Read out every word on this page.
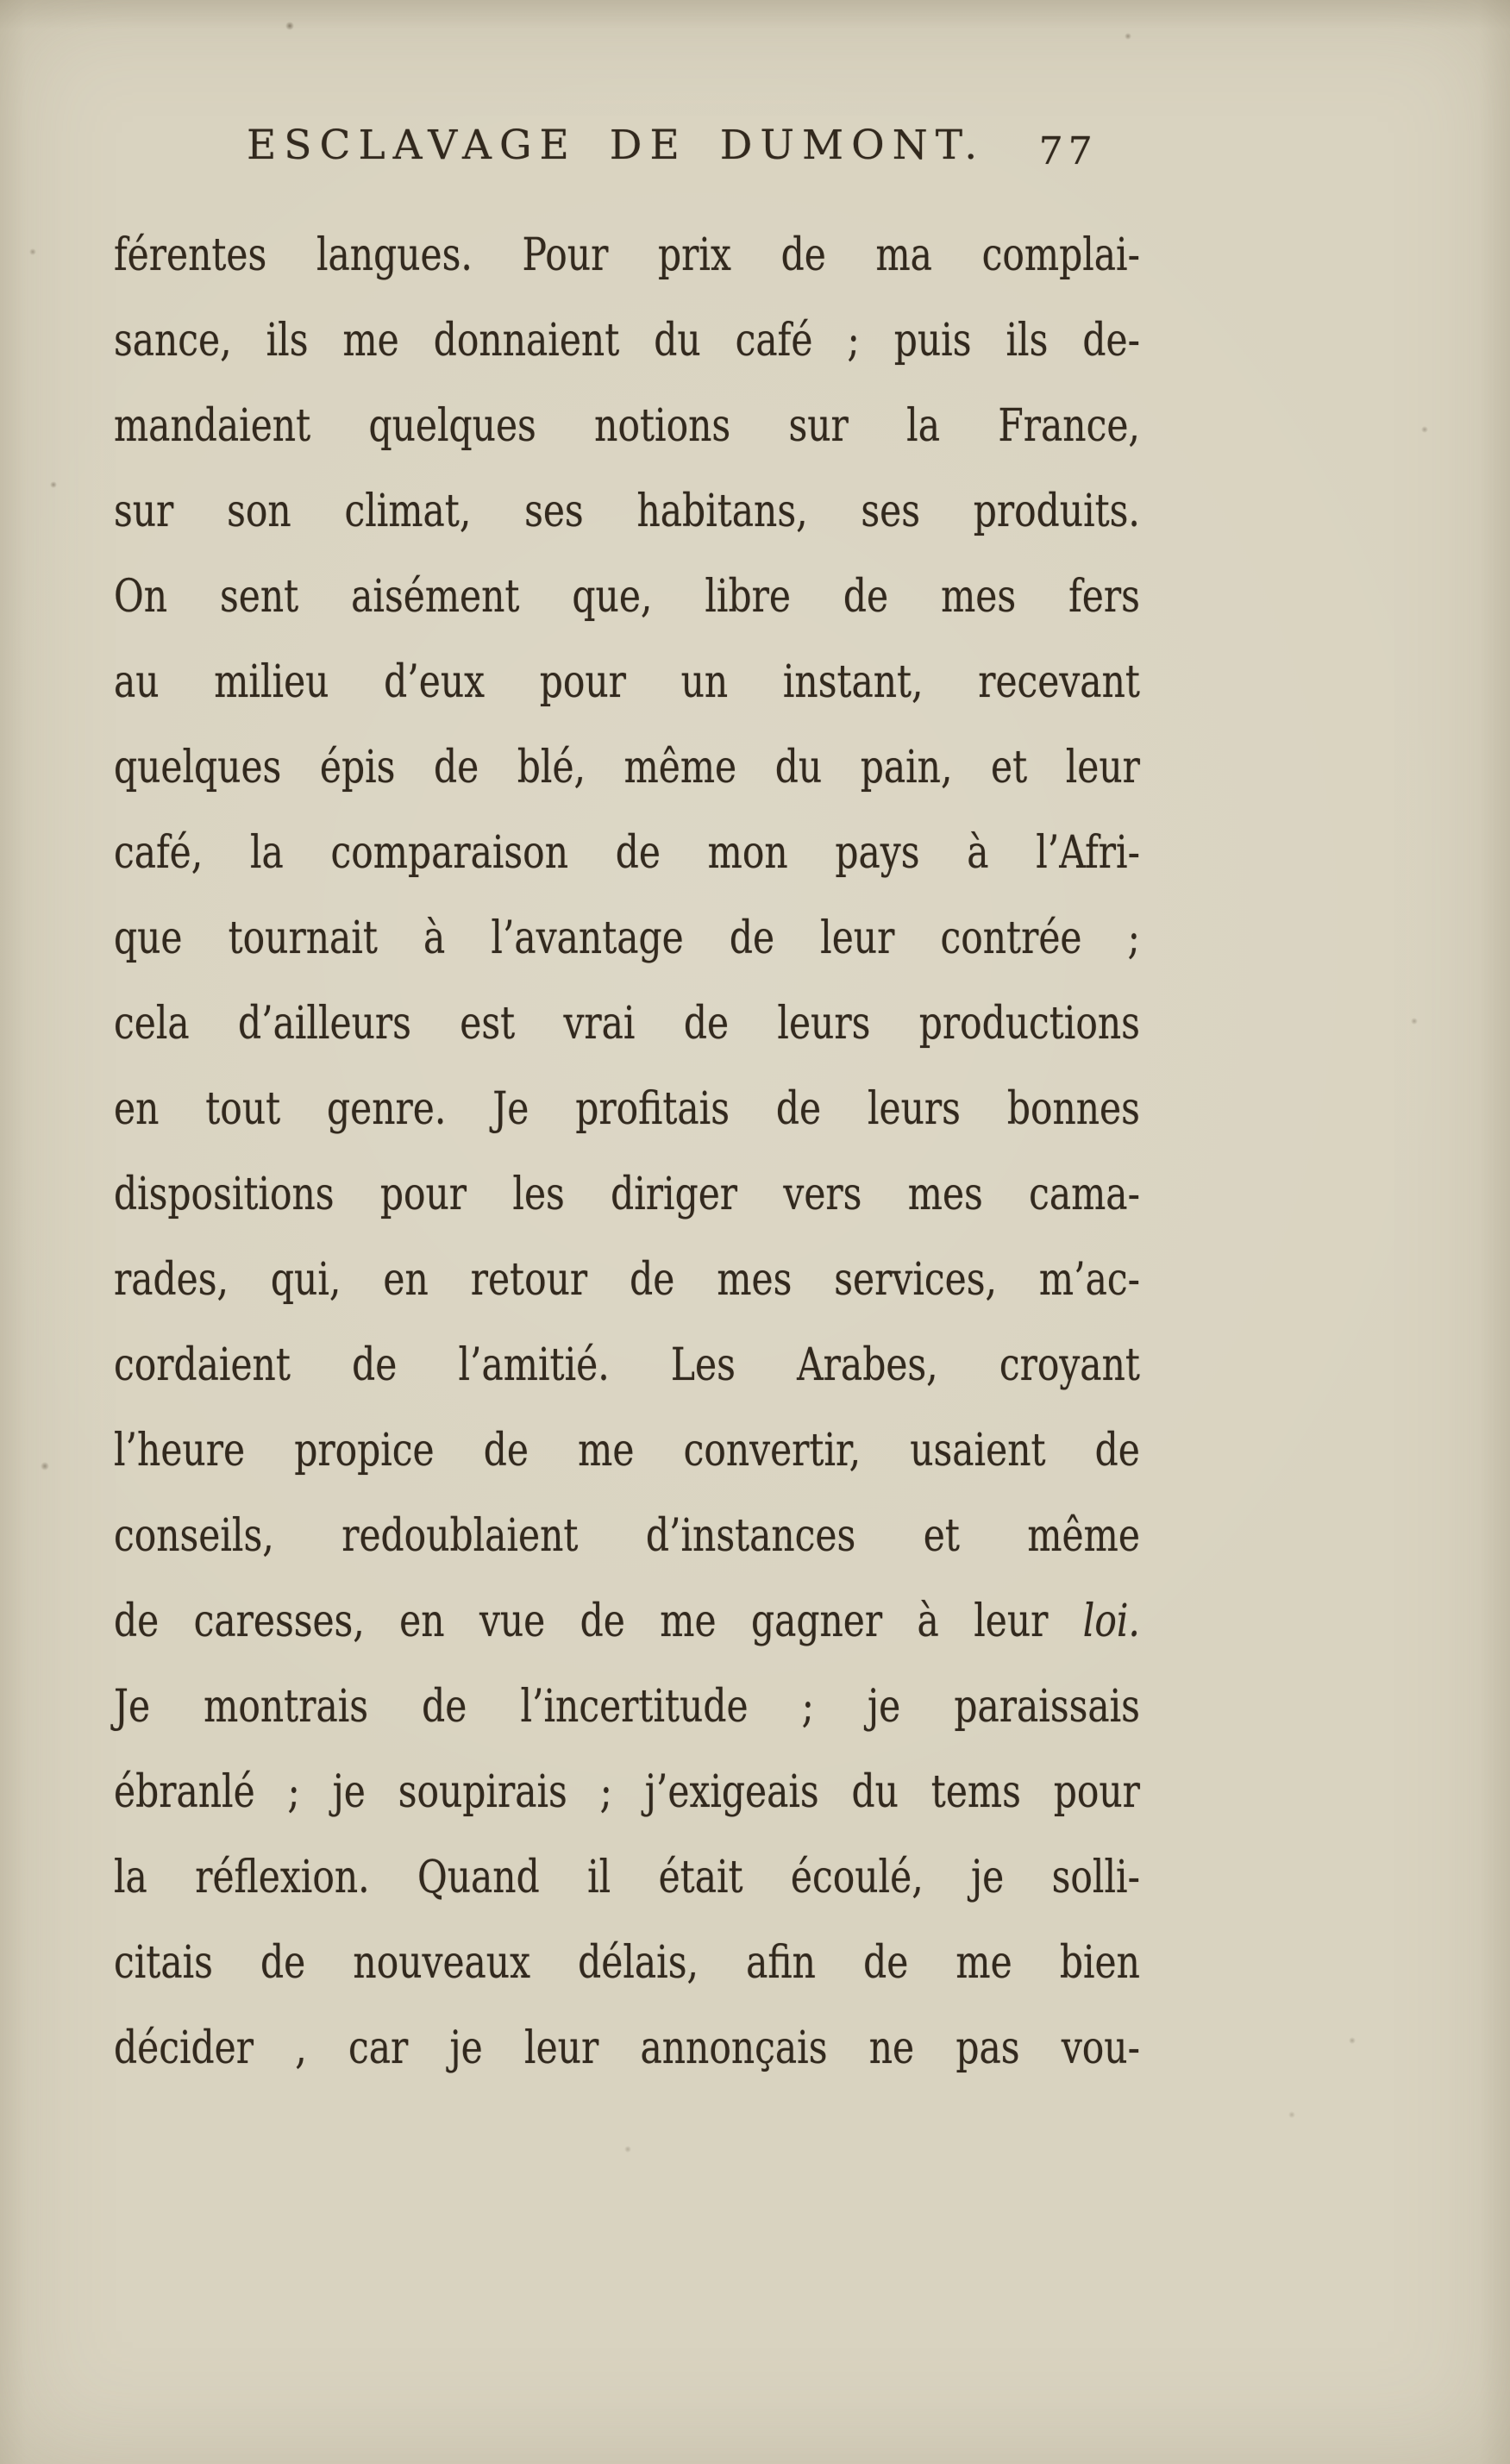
ESCLAVAGE DE DUMONT. 77
férentes langues. Pour prix de ma complai-
sance, ils me donnaient du café ; puis ils de-
mandaient quelques notions sur la France,
sur son climat, ses habitans, ses produits.
On sent aisément que, libre de mes fers
au milieu d’eux pour un instant, recevant
quelques épis de blé, même du pain, et leur
café, la comparaison de mon pays à l’Afri-
que tournait à l’avantage de leur contrée ;
cela d’ailleurs est vrai de leurs productions
en tout genre. Je profitais de leurs bonnes
dispositions pour les diriger vers mes cama-
rades, qui, en retour de mes services, m’ac-
cordaient de l’amitié. Les Arabes, croyant
l’heure propice de me convertir, usaient de
conseils, redoublaient d’instances et même
de caresses, en vue de me gagner à leur loi.
Je montrais de l’incertitude ; je paraissais
ébranlé ; je soupirais ; j’exigeais du tems pour
la réflexion. Quand il était écoulé, je solli-
citais de nouveaux délais, afin de me bien
décider , car je leur annonçais ne pas vou-
